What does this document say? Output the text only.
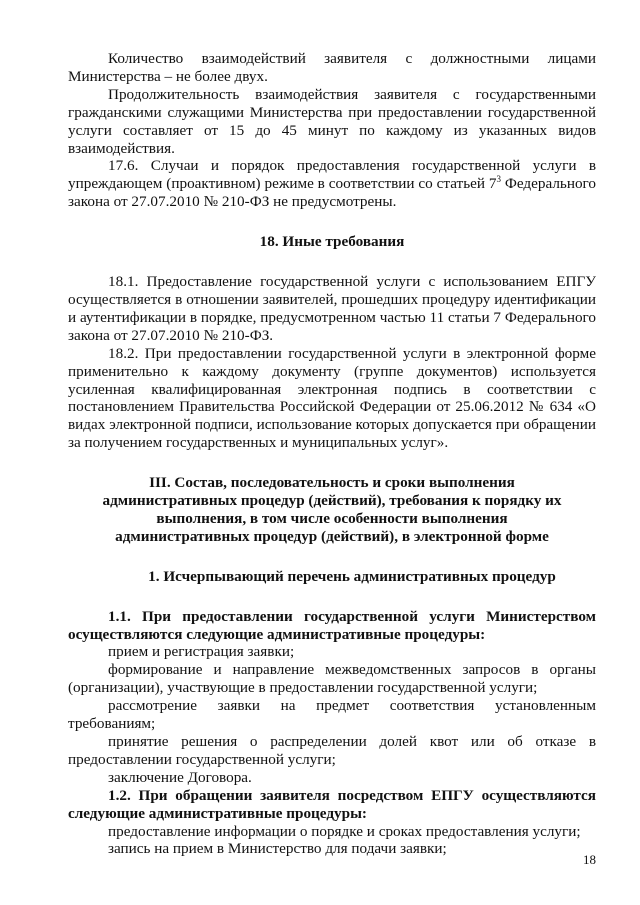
Количество взаимодействий заявителя с должностными лицами Министерства – не более двух.

Продолжительность взаимодействия заявителя с государственными гражданскими служащими Министерства при предоставлении государственной услуги составляет от 15 до 45 минут по каждому из указанных видов взаимодействия.

17.6. Случаи и порядок предоставления государственной услуги в упреждающем (проактивном) режиме в соответствии со статьей $7^3$ Федерального закона от 27.07.2010 № 210-ФЗ не предусмотрены.

18. Иные требования

18.1. Предоставление государственной услуги с использованием ЕПГУ осуществляется в отношении заявителей, прошедших процедуру идентификации и аутентификации в порядке, предусмотренном частью 11 статьи 7 Федерального закона от 27.07.2010 № 210-ФЗ.

18.2. При предоставлении государственной услуги в электронной форме применительно к каждому документу (группе документов) используется усиленная квалифицированная электронная подпись в соответствии с постановлением Правительства Российской Федерации от 25.06.2012 № 634 «О видах электронной подписи, использование которых допускается при обращении за получением государственных и муниципальных услуг».

III. Состав, последовательность и сроки выполнения административных процедур (действий), требования к порядку их выполнения, в том числе особенности выполнения административных процедур (действий), в электронной форме

1. Исчерпывающий перечень административных процедур

1.1. При предоставлении государственной услуги Министерством осуществляются следующие административные процедуры:

прием и регистрация заявки;

формирование и направление межведомственных запросов в органы (организации), участвующие в предоставлении государственной услуги;

рассмотрение заявки на предмет соответствия установленным требованиям;

принятие решения о распределении долей квот или об отказе в предоставлении государственной услуги;

заключение Договора.

1.2. При обращении заявителя посредством ЕПГУ осуществляются следующие административные процедуры:

предоставление информации о порядке и сроках предоставления услуги;

запись на прием в Министерство для подачи заявки;

18
